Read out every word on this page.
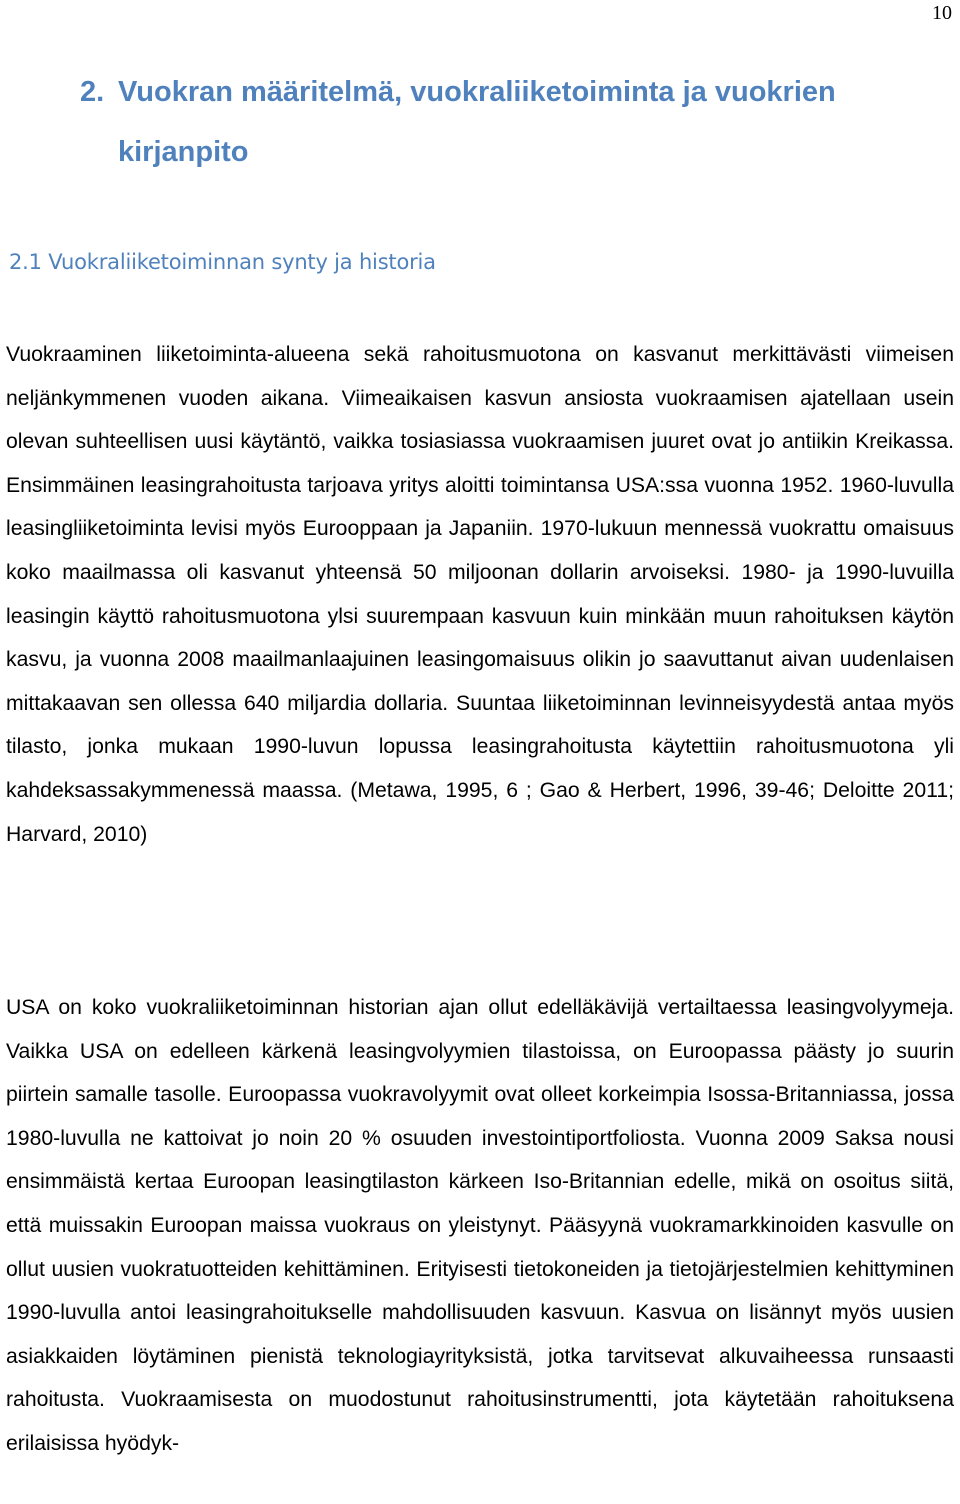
10
2. Vuokran määritelmä, vuokraliiketoiminta ja vuokrien
kirjanpito
2.1 Vuokraliiketoiminnan synty ja historia

Vuokraaminen liiketoiminta-alueena sekä rahoitusmuotona on kasvanut merkittävästi viimeisen neljänkymmenen vuoden aikana. Viimeaikaisen kasvun ansiosta vuokraamisen ajatellaan usein olevan suhteellisen uusi käytäntö, vaikka tosiasiassa vuokraamisen juuret ovat jo antiikin Kreikassa. Ensimmäinen leasingrahoitusta tarjoava yritys aloitti toimintansa USA:ssa vuonna 1952. 1960-luvulla leasingliiketoiminta levisi myös Eurooppaan ja Japaniin. 1970-lukuun mennessä vuokrattu omaisuus koko maailmassa oli kasvanut yhteensä 50 miljoonan dollarin arvoiseksi. 1980- ja 1990-luvuilla leasingin käyttö rahoitusmuotona ylsi suurempaan kasvuun kuin minkään muun rahoituksen käytön kasvu, ja vuonna 2008 maailmanlaajuinen leasingomaisuus olikin jo saavuttanut aivan uudenlaisen mittakaavan sen ollessa 640 miljardia dollaria. Suuntaa liiketoiminnan levinneisyydestä antaa myös tilasto, jonka mukaan 1990-luvun lopussa leasingrahoitusta käytettiin rahoitusmuotona yli kahdeksassakymmenessä maassa. (Metawa, 1995, 6 ; Gao & Herbert, 1996, 39-46; Deloitte 2011; Harvard, 2010)

USA on koko vuokraliiketoiminnan historian ajan ollut edelläkävijä vertailtaessa leasingvolyymeja. Vaikka USA on edelleen kärkenä leasingvolyymien tilastoissa, on Euroopassa päästy jo suurin piirtein samalle tasolle. Euroopassa vuokravolyymit ovat olleet korkeimpia Isossa-Britanniassa, jossa 1980-luvulla ne kattoivat jo noin 20 % osuuden investointiportfoliosta. Vuonna 2009 Saksa nousi ensimmäistä kertaa Euroopan leasingtilaston kärkeen Iso-Britannian edelle, mikä on osoitus siitä, että muissakin Euroopan maissa vuokraus on yleistynyt. Pääsyynä vuokramarkkinoiden kasvulle on ollut uusien vuokratuotteiden kehittäminen. Erityisesti tietokoneiden ja tietojärjestelmien kehittyminen 1990-luvulla antoi leasingrahoitukselle mahdollisuuden kasvuun. Kasvua on lisännyt myös uusien asiakkaiden löytäminen pienistä teknologiayrityksistä, jotka tarvitsevat alkuvaiheessa runsaasti rahoitusta. Vuokraamisesta on muodostunut rahoitusinstrumentti, jota käytetään rahoituksena erilaisissa hyödyk-
